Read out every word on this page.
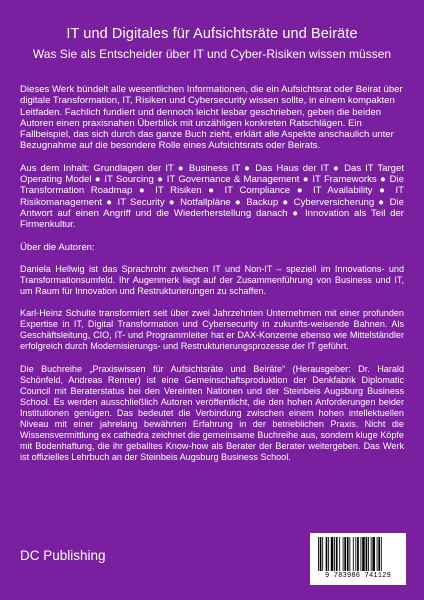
IT und Digitales für Aufsichtsräte und Beiräte
Was Sie als Entscheider über IT und Cyber-Risiken wissen müssen

Dieses Werk bündelt alle wesentlichen Informationen, die ein Aufsichtsrat oder Beirat über digitale Transformation, IT, Risiken und Cybersecurity wissen sollte, in einem kompakten Leitfaden. Fachlich fundiert und dennoch leicht lesbar geschrieben, geben die beiden Autoren einen praxisnahen Überblick mit unzähligen konkreten Ratschlägen. Ein Fallbeispiel, das sich durch das ganze Buch zieht, erklärt alle Aspekte anschaulich unter Bezugnahme auf die besondere Rolle eines Aufsichtsrats oder Beirats.

Aus dem Inhalt: Grundlagen der IT ● Business IT ● Das Haus der IT ● Das IT Target Operating Model ● IT Sourcing ● IT Governance & Management ● IT Frameworks ● Die Transformation Roadmap ● IT Risiken ● IT Compliance ● IT Availability ● IT Risikomanagement ● IT Security ● Notfallpläne ● Backup ● Cyberversicherung ● Die Antwort auf einen Angriff und die Wiederherstellung danach ● Innovation als Teil der Firmenkultur.

Über die Autoren:

Daniela Hellwig ist das Sprachrohr zwischen IT und Non-IT – speziell im Innovations- und Transformationsumfeld. Ihr Augenmerk liegt auf der Zusammenführung von Business und IT, um Raum für Innovation und Restrukturierungen zu schaffen.

Karl-Heinz Schulte transformiert seit über zwei Jahrzehnten Unternehmen mit einer profunden Expertise in IT, Digital Transformation und Cybersecurity in zukunfts-weisende Bahnen. Als Geschäftsleitung, CIO, IT- und Programmleiter hat er DAX-Konzerne ebenso wie Mittelständler erfolgreich durch Modernisierungs- und Restrukturierungsprozesse der IT geführt.

Die Buchreihe „Praxiswissen für Aufsichtsräte und Beiräte“ (Herausgeber: Dr. Harald Schönfeld, Andreas Renner) ist eine Gemeinschaftsproduktion der Denkfabrik Diplomatic Council mit Beraterstatus bei den Vereinten Nationen und der Steinbeis Augsburg Business School. Es werden ausschließlich Autoren veröffentlicht, die den hohen Anforderungen beider Institutionen genügen. Das bedeutet die Verbindung zwischen einem hohen intellektuellen Niveau mit einer jahrelang bewährten Erfahrung in der betrieblichen Praxis. Nicht die Wissensvermittlung ex cathedra zeichnet die gemeinsame Buchreihe aus, sondern kluge Köpfe mit Bodenhaftung, die ihr geballtes Know-how als Berater der Berater weitergeben. Das Werk ist offizielles Lehrbuch an der Steinbeis Augsburg Business School.

DC Publishing
9 783986 741129
